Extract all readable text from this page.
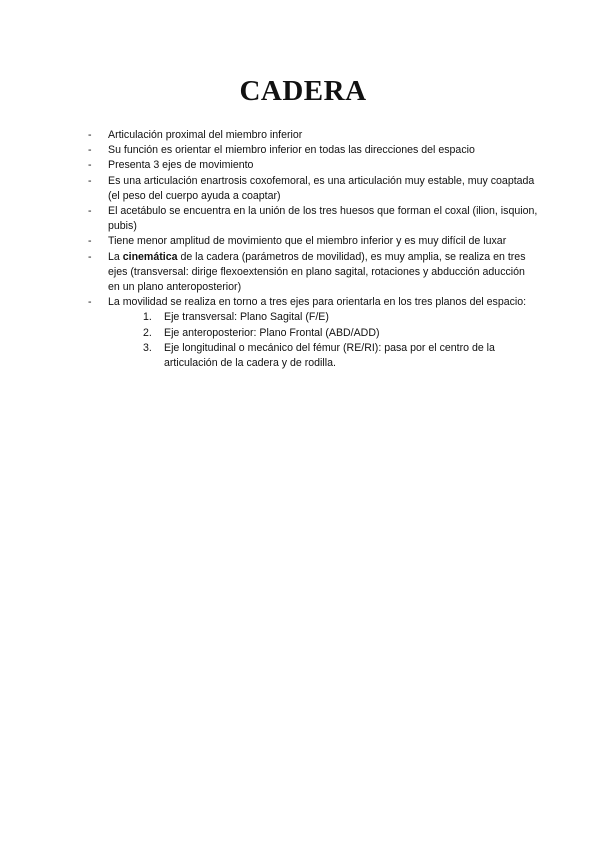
CADERA
- Articulación proximal del miembro inferior
- Su función es orientar el miembro inferior en todas las direcciones del espacio
- Presenta 3 ejes de movimiento
- Es una articulación enartrosis coxofemoral, es una articulación muy estable, muy coaptada (el peso del cuerpo ayuda a coaptar)
- El acetábulo se encuentra en la unión de los tres huesos que forman el coxal (ilion, isquion, pubis)
- Tiene menor amplitud de movimiento que el miembro inferior y es muy difícil de luxar
- La cinemática de la cadera (parámetros de movilidad), es muy amplia, se realiza en tres ejes (transversal: dirige flexoextensión en plano sagital, rotaciones y abducción aducción en un plano anteroposterior)
- La movilidad se realiza en torno a tres ejes para orientarla en los tres planos del espacio:
1. Eje transversal: Plano Sagital (F/E)
2. Eje anteroposterior: Plano Frontal (ABD/ADD)
3. Eje longitudinal o mecánico del fémur (RE/RI): pasa por el centro de la articulación de la cadera y de rodilla.
